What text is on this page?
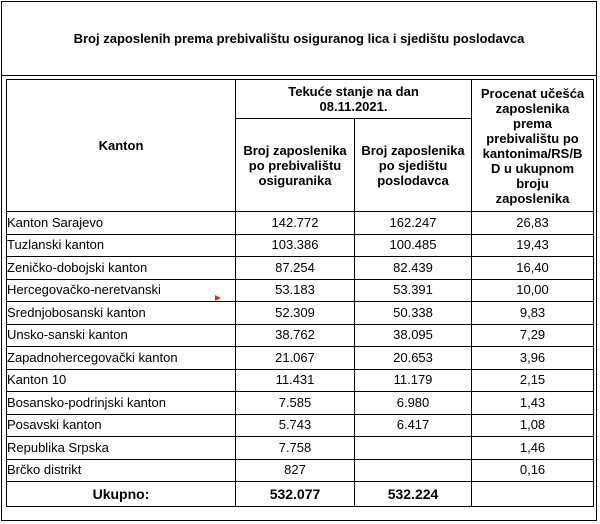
Broj zaposlenih prema prebivalištu osiguranog lica i sjedištu poslodavca
Kanton	Tekuće stanje na dan 08.11.2021.		Procenat učešća zaposlenika prema prebivalištu po kantonima/RS/B D u ukupnom broju zaposlenika
	Broj zaposlenika po prebivalištu osiguranika	Broj zaposlenika po sjedištu poslodavca	
Kanton Sarajevo	142.772	162.247	26,83
Tuzlanski kanton	103.386	100.485	19,43
Zeničko-dobojski kanton	87.254	82.439	16,40
Hercegovačko-neretvanski	53.183	53.391	10,00
Srednjobosanski kanton	52.309	50.338	9,83
Unsko-sanski kanton	38.762	38.095	7,29
Zapadnohercegovački kanton	21.067	20.653	3,96
Kanton 10	11.431	11.179	2,15
Bosansko-podrinjski kanton	7.585	6.980	1,43
Posavski kanton	5.743	6.417	1,08
Republika Srpska	7.758		1,46
Brčko distrikt	827		0,16
Ukupno:	532.077	532.224	
